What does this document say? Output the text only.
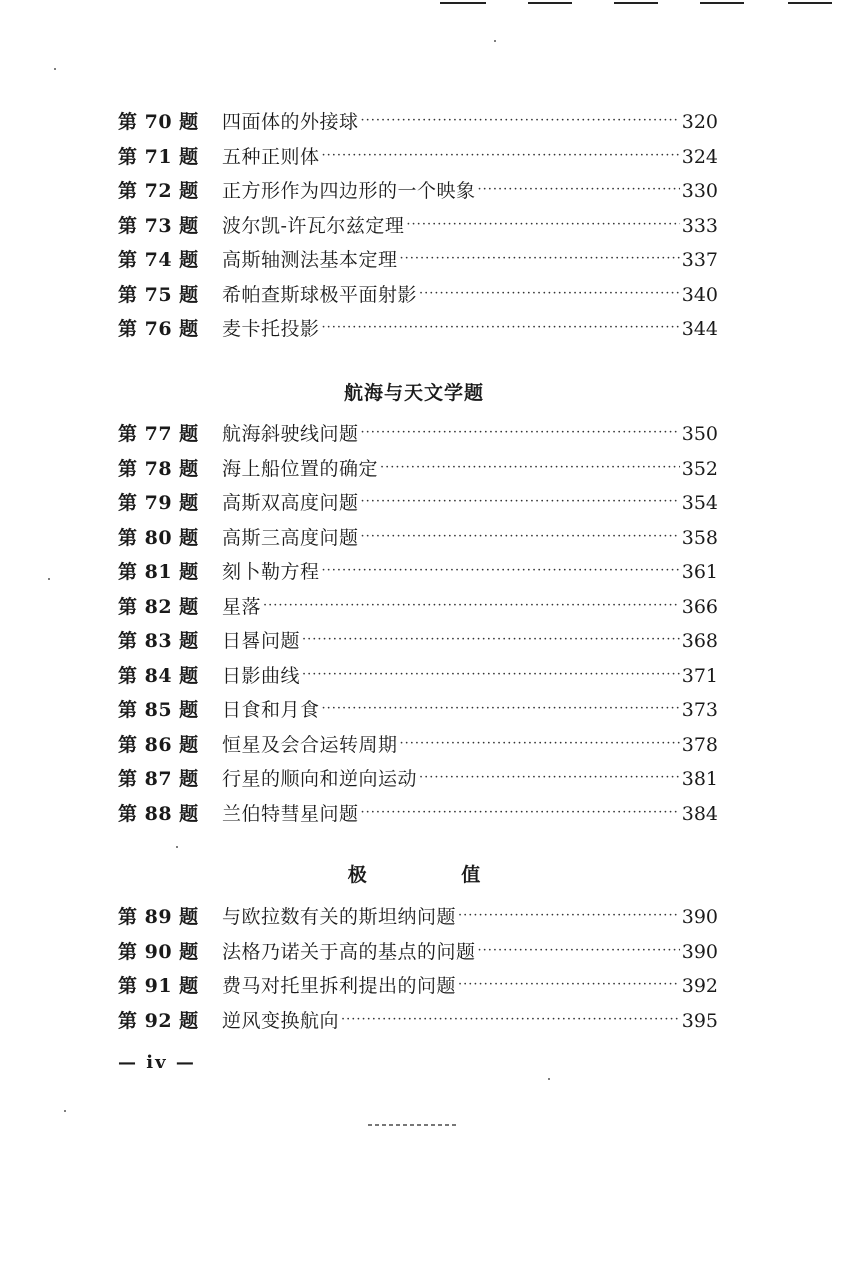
第 70 题	四面体的外接球 ·····	320
第 71 题	五种正则体 ·····	324
第 72 题	正方形作为四边形的一个映象 ·····	330
第 73 题	波尔凯-许瓦尔兹定理 ·····	333
第 74 题	高斯轴测法基本定理 ·····	337
第 75 题	希帕查斯球极平面射影 ·····	340
第 76 题	麦卡托投影 ·····	344
航海与天文学题
第 77 题	航海斜驶线问题 ·····	350
第 78 题	海上船位置的确定 ·····	352
第 79 题	高斯双高度问题 ·····	354
第 80 题	高斯三高度问题 ·····	358
第 81 题	刻卜勒方程 ·····	361
第 82 题	星落 ·····	366
第 83 题	日晷问题 ·····	368
第 84 题	日影曲线 ·····	371
第 85 题	日食和月食 ·····	373
第 86 题	恒星及会合运转周期 ·····	378
第 87 题	行星的顺向和逆向运动 ·····	381
第 88 题	兰伯特彗星问题 ·····	384
极 值
第 89 题	与欧拉数有关的斯坦纳问题 ·····	390
第 90 题	法格乃诺关于高的基点的问题 ·····	390
第 91 题	费马对托里拆利提出的问题 ·····	392
第 92 题	逆风变换航向 ·····	395
— iv —
